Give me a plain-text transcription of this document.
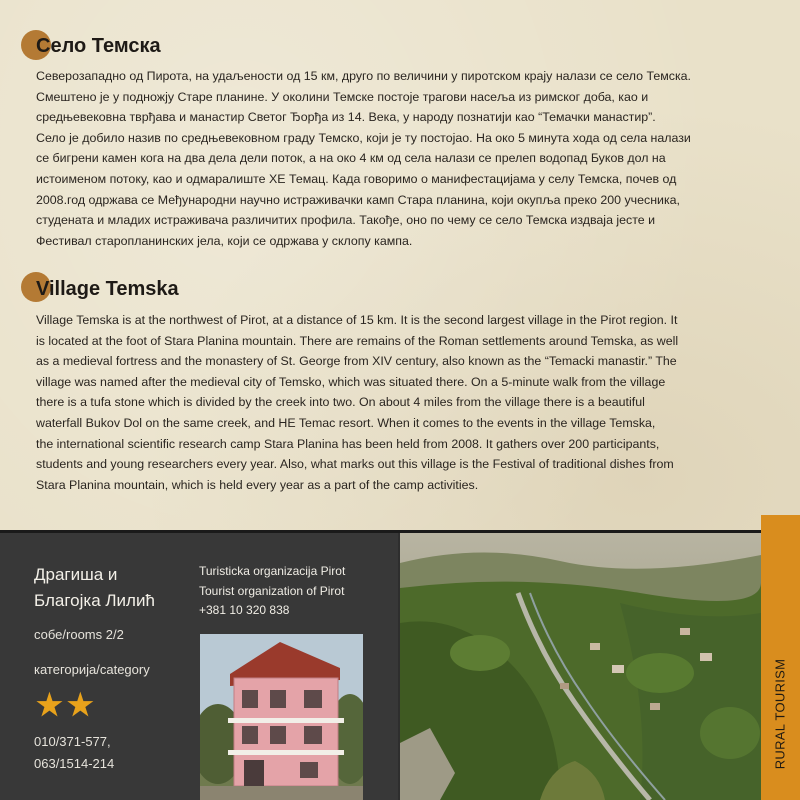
Село Темска
Северозападно од Пирота, на удаљености од 15 км, друго по величини у пиротском крају налази се село Темска.
Смештено је у подножју Старе планине. У околини Темске постоје трагови насеља из римског доба, као и
средњевековна тврђава и манастир Светог Ђорђа из 14. Века, у народу познатији као “Темачки манастир”.
Село је добило назив по средњевековном граду Темско, који је ту постојао. На око 5 минута хода од села налази
се бигрени камен кога на два дела дели поток, а на око 4 км од села налази се прелеп водопад Буков дол на
истоименом потоку, као и одмаралиште ХЕ Темац. Када говоримо о манифестацијама у селу Темска, почев од
2008.год одржава се Међународни научно истраживачки камп Стара планина, који окупља преко 200 учесника,
студената и младих истраживача различитих профила. Такође, оно по чему се село Темска издваја јесте и
Фестивал старопланинских јела, који се одржава у склопу кампа.
Village Temska
Village Temska is at the northwest of Pirot, at a distance of 15 km. It is the second largest village in the Pirot region. It
is located at the foot of Stara Planina mountain. There are remains of the Roman settlements around Temska, as well
as a medieval fortress and the monastery of St. George from XIV century, also known as the “Temacki manastir.” The
village was named after the medieval city of Temsko, which was situated there. On a 5-minute walk from the village
there is a tufa stone which is divided by the creek into two. On about 4 miles from the village there is a beautiful
waterfall Bukov Dol on the same creek, and HE Temac resort. When it comes to the events in the village Temska,
the international scientific research camp Stara Planina has been held from 2008. It gathers over 200 participants,
students and young researchers every year. Also, what marks out this village is the Festival of traditional dishes from
Stara Planina mountain, which is held every year as a part of the camp activities.
Драгиша и
Благојка Лилић
собе/rooms 2/2
категорија/category
★★
010/371-577,
063/1514-214
Turisticka organizacija Pirot
Tourist organization of Pirot
+381 10 320 838
RURAL TOURISM
